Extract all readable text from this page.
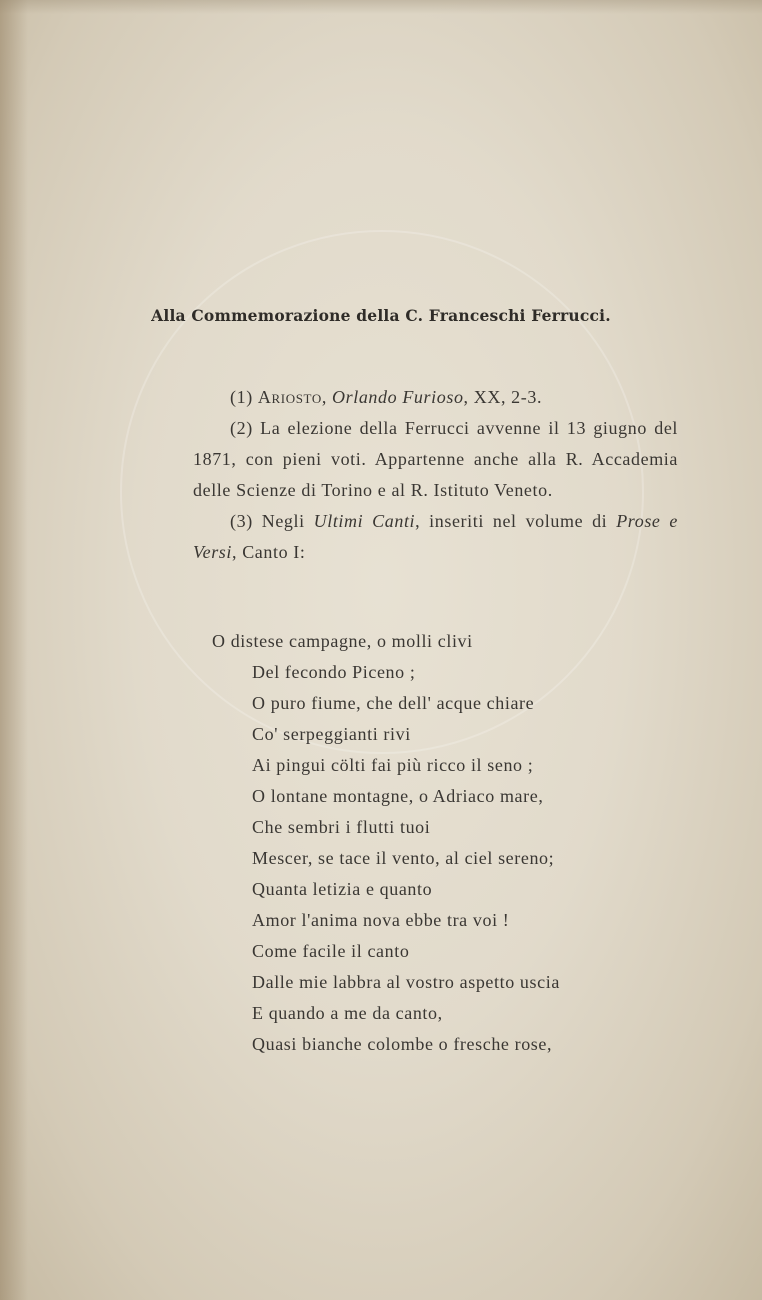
Alla Commemorazione della C. Franceschi Ferrucci.

(1) Ariosto, Orlando Furioso, XX, 2-3.

(2) La elezione della Ferrucci avvenne il 13 giugno del 1871, con pieni voti. Appartenne anche alla R. Accademia delle Scienze di Torino e al R. Istituto Veneto.

(3) Negli Ultimi Canti, inseriti nel volume di Prose e Versi, Canto I:

O distese campagne, o molli clivi
Del fecondo Piceno ;
O puro fiume, che dell' acque chiare
Co' serpeggianti rivi
Ai pingui cölti fai più ricco il seno ;
O lontane montagne, o Adriaco mare,
Che sembri i flutti tuoi
Mescer, se tace il vento, al ciel sereno;
Quanta letizia e quanto
Amor l'anima nova ebbe tra voi !
Come facile il canto
Dalle mie labbra al vostro aspetto uscia
E quando a me da canto,
Quasi bianche colombe o fresche rose,
